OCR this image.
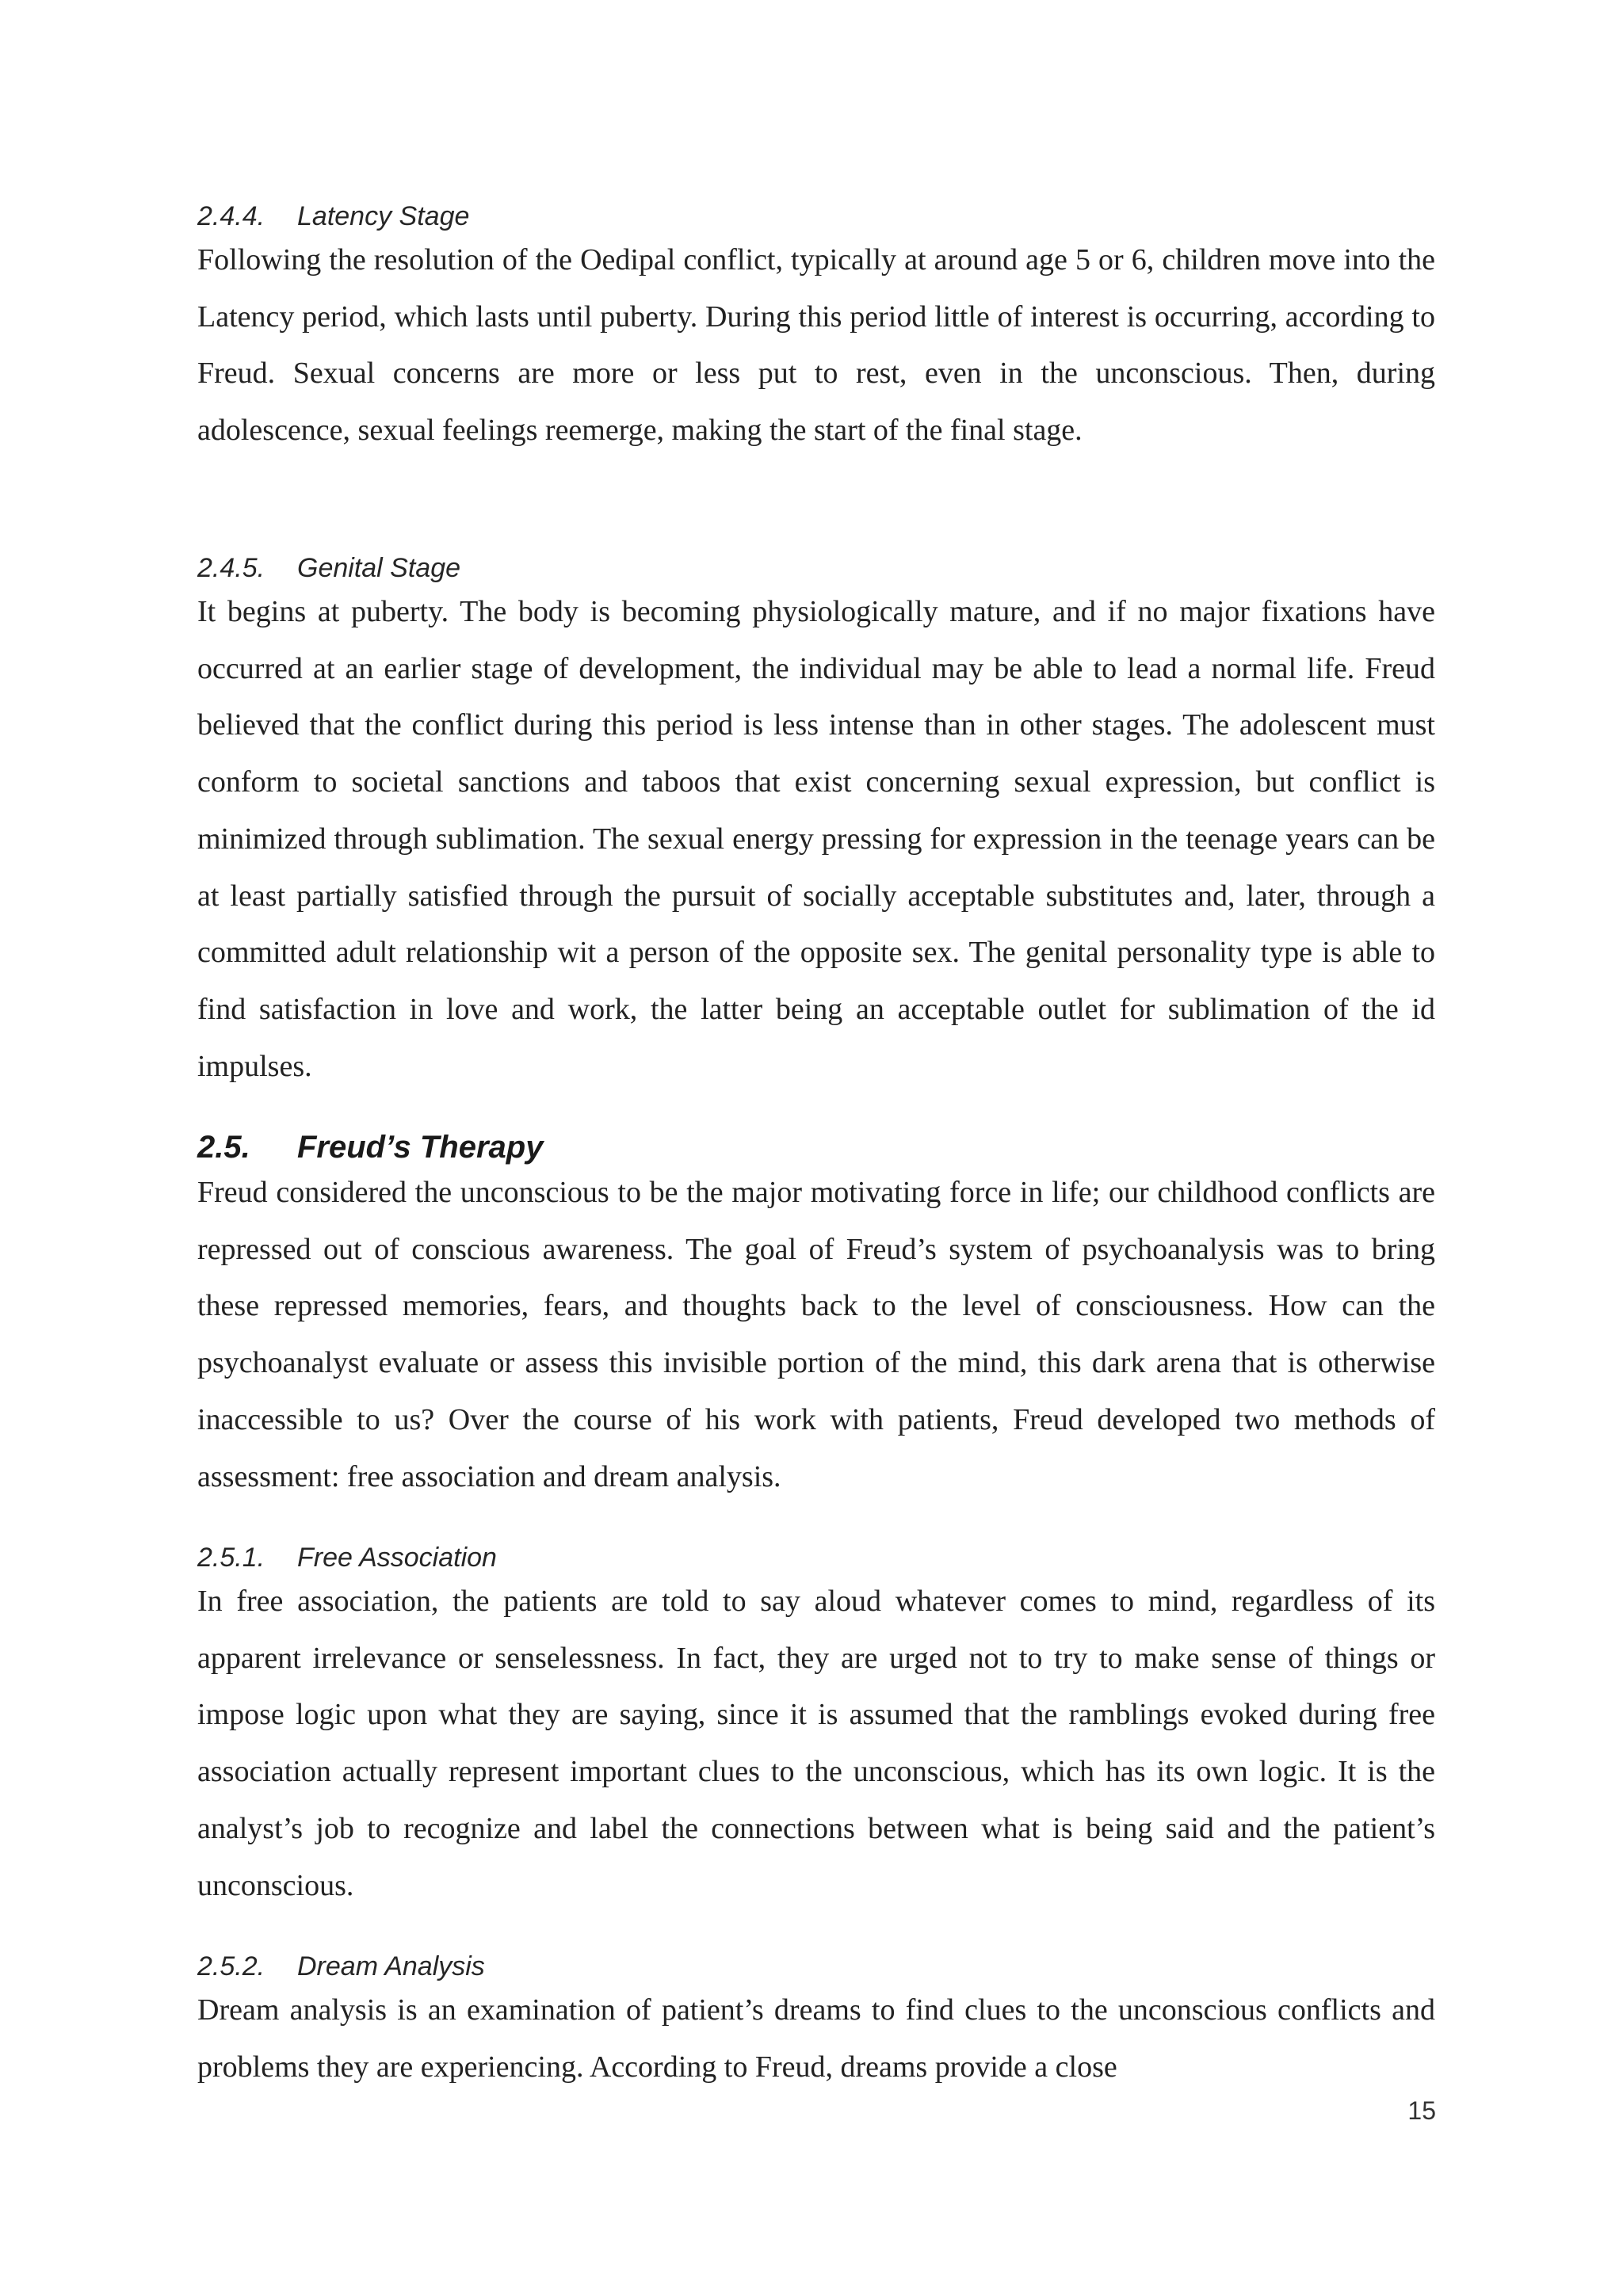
2.4.4. Latency Stage

Following the resolution of the Oedipal conflict, typically at around age 5 or 6, children move into the Latency period, which lasts until puberty. During this period little of interest is occurring, according to Freud. Sexual concerns are more or less put to rest, even in the unconscious. Then, during adolescence, sexual feelings reemerge, making the start of the final stage.

2.4.5. Genital Stage

It begins at puberty. The body is becoming physiologically mature, and if no major fixations have occurred at an earlier stage of development, the individual may be able to lead a normal life. Freud believed that the conflict during this period is less intense than in other stages. The adolescent must conform to societal sanctions and taboos that exist concerning sexual expression, but conflict is minimized through sublimation. The sexual energy pressing for expression in the teenage years can be at least partially satisfied through the pursuit of socially acceptable substitutes and, later, through a committed adult relationship wit a person of the opposite sex. The genital personality type is able to find satisfaction in love and work, the latter being an acceptable outlet for sublimation of the id impulses.

2.5. Freud’s Therapy

Freud considered the unconscious to be the major motivating force in life; our childhood conflicts are repressed out of conscious awareness. The goal of Freud’s system of psychoanalysis was to bring these repressed memories, fears, and thoughts back to the level of consciousness. How can the psychoanalyst evaluate or assess this invisible portion of the mind, this dark arena that is otherwise inaccessible to us? Over the course of his work with patients, Freud developed two methods of assessment: free association and dream analysis.

2.5.1. Free Association

In free association, the patients are told to say aloud whatever comes to mind, regardless of its apparent irrelevance or senselessness. In fact, they are urged not to try to make sense of things or impose logic upon what they are saying, since it is assumed that the ramblings evoked during free association actually represent important clues to the unconscious, which has its own logic. It is the analyst’s job to recognize and label the connections between what is being said and the patient’s unconscious.

2.5.2. Dream Analysis

Dream analysis is an examination of patient’s dreams to find clues to the unconscious conflicts and problems they are experiencing. According to Freud, dreams provide a close

15
